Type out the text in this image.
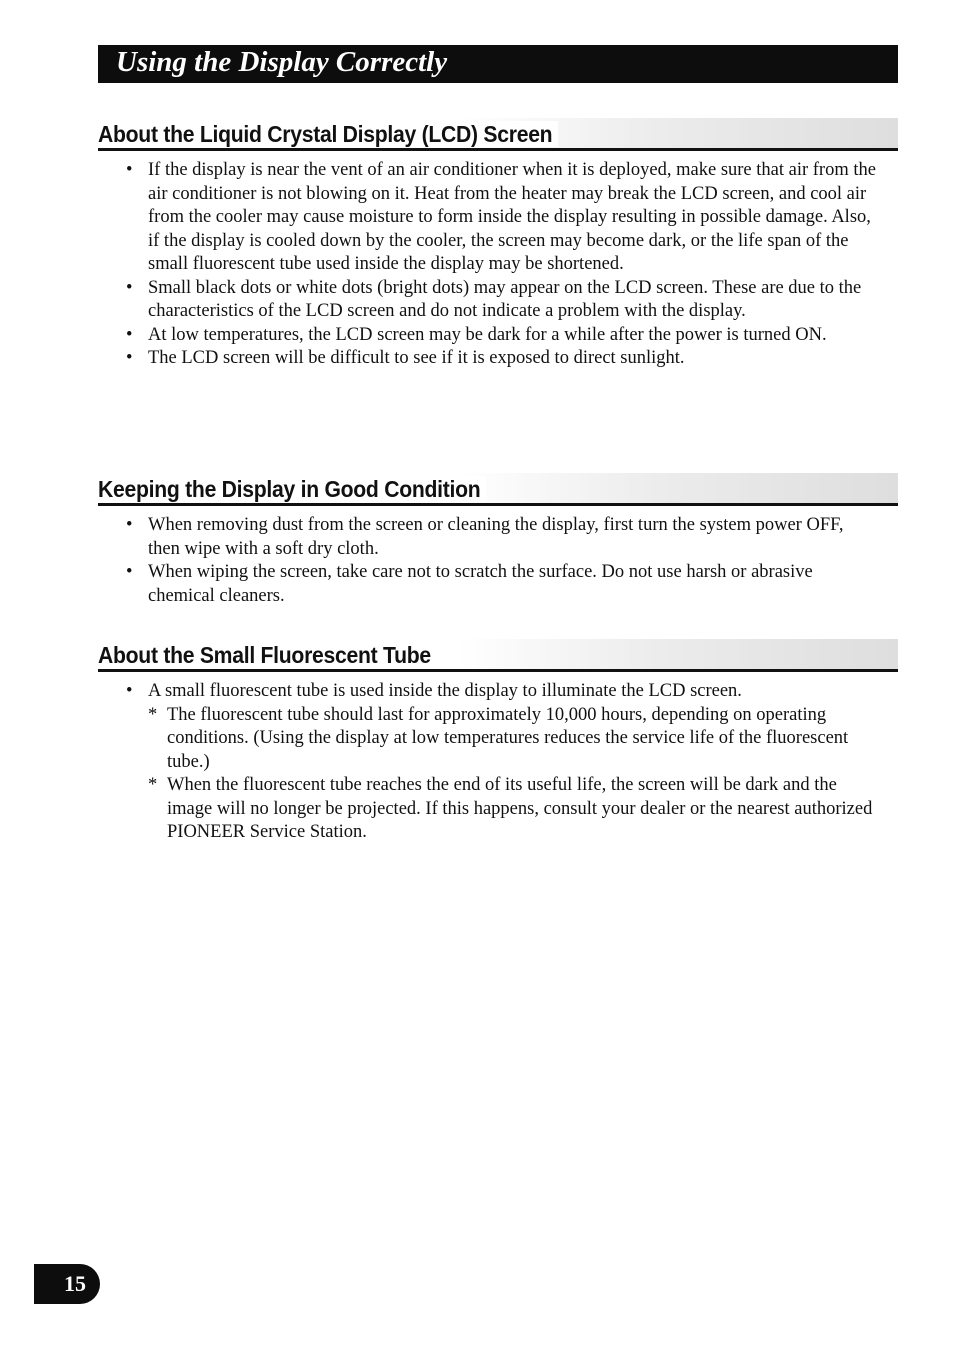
Using the Display Correctly
About the Liquid Crystal Display (LCD) Screen
• If the display is near the vent of an air conditioner when it is deployed, make sure that air from the air conditioner is not blowing on it. Heat from the heater may break the LCD screen, and cool air from the cooler may cause moisture to form inside the display resulting in possible damage. Also, if the display is cooled down by the cooler, the screen may become dark, or the life span of the small fluorescent tube used inside the display may be shortened.
• Small black dots or white dots (bright dots) may appear on the LCD screen. These are due to the characteristics of the LCD screen and do not indicate a problem with the display.
• At low temperatures, the LCD screen may be dark for a while after the power is turned ON.
• The LCD screen will be difficult to see if it is exposed to direct sunlight.
Keeping the Display in Good Condition
• When removing dust from the screen or cleaning the display, first turn the system power OFF, then wipe with a soft dry cloth.
• When wiping the screen, take care not to scratch the surface. Do not use harsh or abrasive chemical cleaners.
About the Small Fluorescent Tube
• A small fluorescent tube is used inside the display to illuminate the LCD screen.
* The fluorescent tube should last for approximately 10,000 hours, depending on operating conditions. (Using the display at low temperatures reduces the service life of the fluorescent tube.)
* When the fluorescent tube reaches the end of its useful life, the screen will be dark and the image will no longer be projected. If this happens, consult your dealer or the nearest authorized PIONEER Service Station.
15
